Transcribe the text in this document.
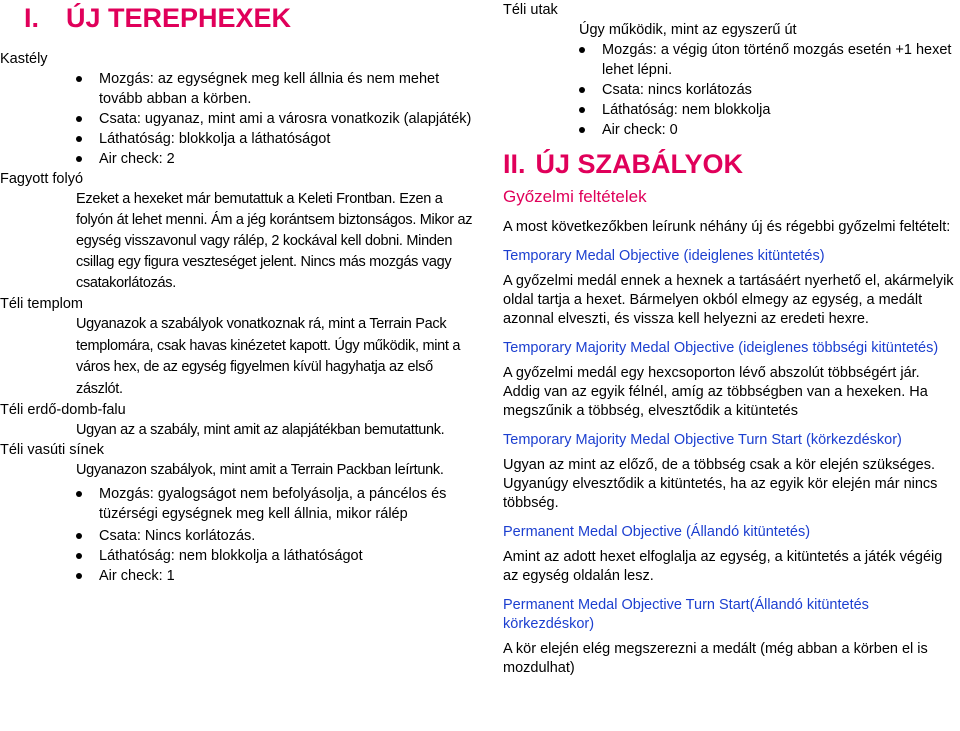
I. ÚJ TEREPHEXEK

Kastély

Mozgás: az egységnek meg kell állnia és nem mehet tovább abban a körben.
Csata: ugyanaz, mint ami a városra vonatkozik (alapjáték)
Láthatóság: blokkolja a láthatóságot
Air check: 2

Fagyott folyó

Ezeket a hexeket már bemutattuk a Keleti Frontban. Ezen a folyón át lehet menni. Ám a jég korántsem biztonságos. Mikor az egység visszavonul vagy rálép, 2 kockával kell dobni. Minden csillag egy figura veszteséget jelent. Nincs más mozgás vagy csatakorlátozás.

Téli templom

Ugyanazok a szabályok vonatkoznak rá, mint a Terrain Pack templomára, csak havas kinézetet kapott. Úgy működik, mint a város hex, de az egység figyelmen kívül hagyhatja az első zászlót.

Téli erdő-domb-falu

Ugyan az a szabály, mint amit az alapjátékban bemutattunk.

Téli vasúti sínek

Ugyanazon szabályok, mint amit a Terrain Packban leírtunk.

Mozgás: gyalogságot nem befolyásolja, a páncélos és tüzérségi egységnek meg kell állnia, mikor rálép
Csata: Nincs korlátozás.
Láthatóság: nem blokkolja a láthatóságot
Air check: 1

Téli utak

Úgy működik, mint az egyszerű út

Mozgás: a végig úton történő mozgás esetén +1 hexet lehet lépni.
Csata: nincs korlátozás
Láthatóság: nem blokkolja
Air check: 0
II. ÚJ SZABÁLYOK

Győzelmi feltételek

A most következőkben leírunk néhány új és régebbi győzelmi feltételt:

Temporary Medal Objective (ideiglenes kitüntetés)

A győzelmi medál ennek a hexnek a tartásáért nyerhető el, akármelyik oldal tartja a hexet. Bármelyen okból elmegy az egység, a medált azonnal elveszti, és vissza kell helyezni az eredeti hexre.

Temporary Majority Medal Objective (ideiglenes többségi kitüntetés)

A győzelmi medál egy hexcsoporton lévő abszolút többségért jár. Addig van az egyik félnél, amíg az többségben van a hexeken. Ha megszűnik a többség, elvesztődik a kitüntetés

Temporary Majority Medal Objective Turn Start (körkezdéskor)

Ugyan az mint az előző, de a többség csak a kör elején szükséges. Ugyanúgy elvesztődik a kitüntetés, ha az egyik kör elején már nincs többség.

Permanent Medal Objective (Állandó kitüntetés)

Amint az adott hexet elfoglalja az egység, a kitüntetés a játék végéig az egység oldalán lesz.

Permanent Medal Objective Turn Start(Állandó kitüntetés körkezdéskor)

A kör elején elég megszerezni a medált (még abban a körben el is mozdulhat)
